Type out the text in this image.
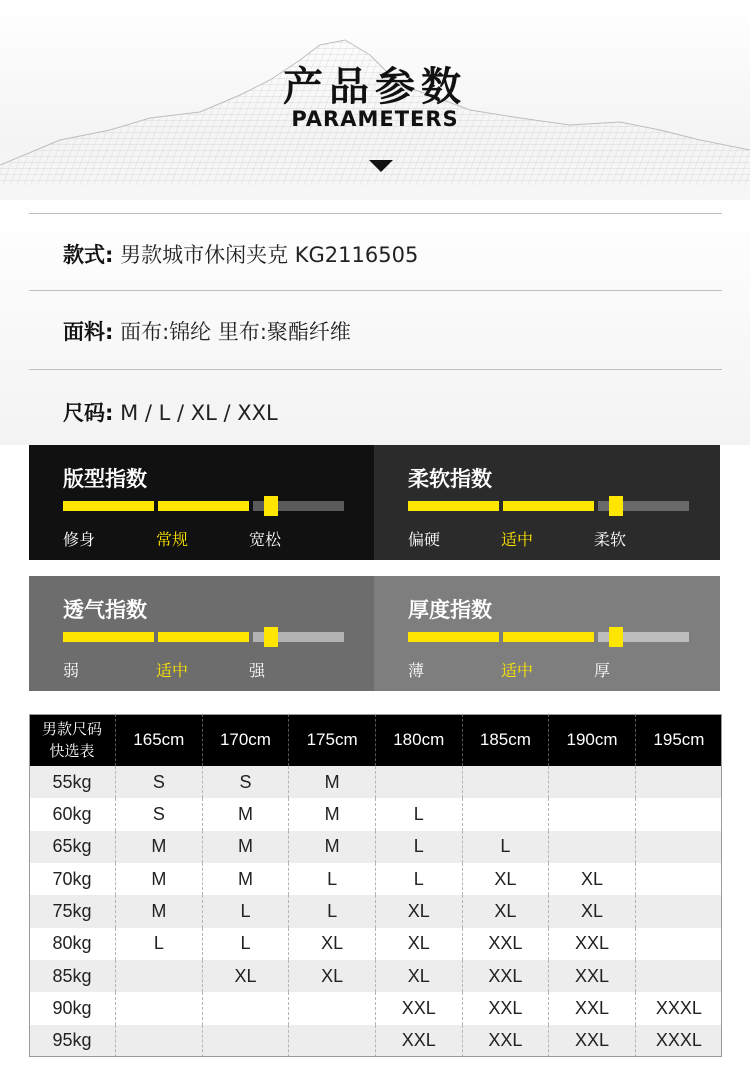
产品参数
PARAMETERS
款式: 男款城市休闲夹克 KG2116505
面料: 面布:锦纶 里布:聚酯纤维
尺码: M / L / XL / XXL
版型指数
修身	常规	宽松
柔软指数
偏硬	适中	柔软
透气指数
弱	适中	强
厚度指数
薄	适中	厚
男款尺码
快选表	165cm	170cm	175cm	180cm	185cm	190cm	195cm
55kg	S	S	M				
60kg	S	M	M	L			
65kg	M	M	M	L	L		
70kg	M	M	L	L	XL	XL	
75kg	M	L	L	XL	XL	XL	
80kg	L	L	XL	XL	XXL	XXL	
85kg		XL	XL	XL	XXL	XXL	
90kg				XXL	XXL	XXL	XXXL
95kg				XXL	XXL	XXL	XXXL
